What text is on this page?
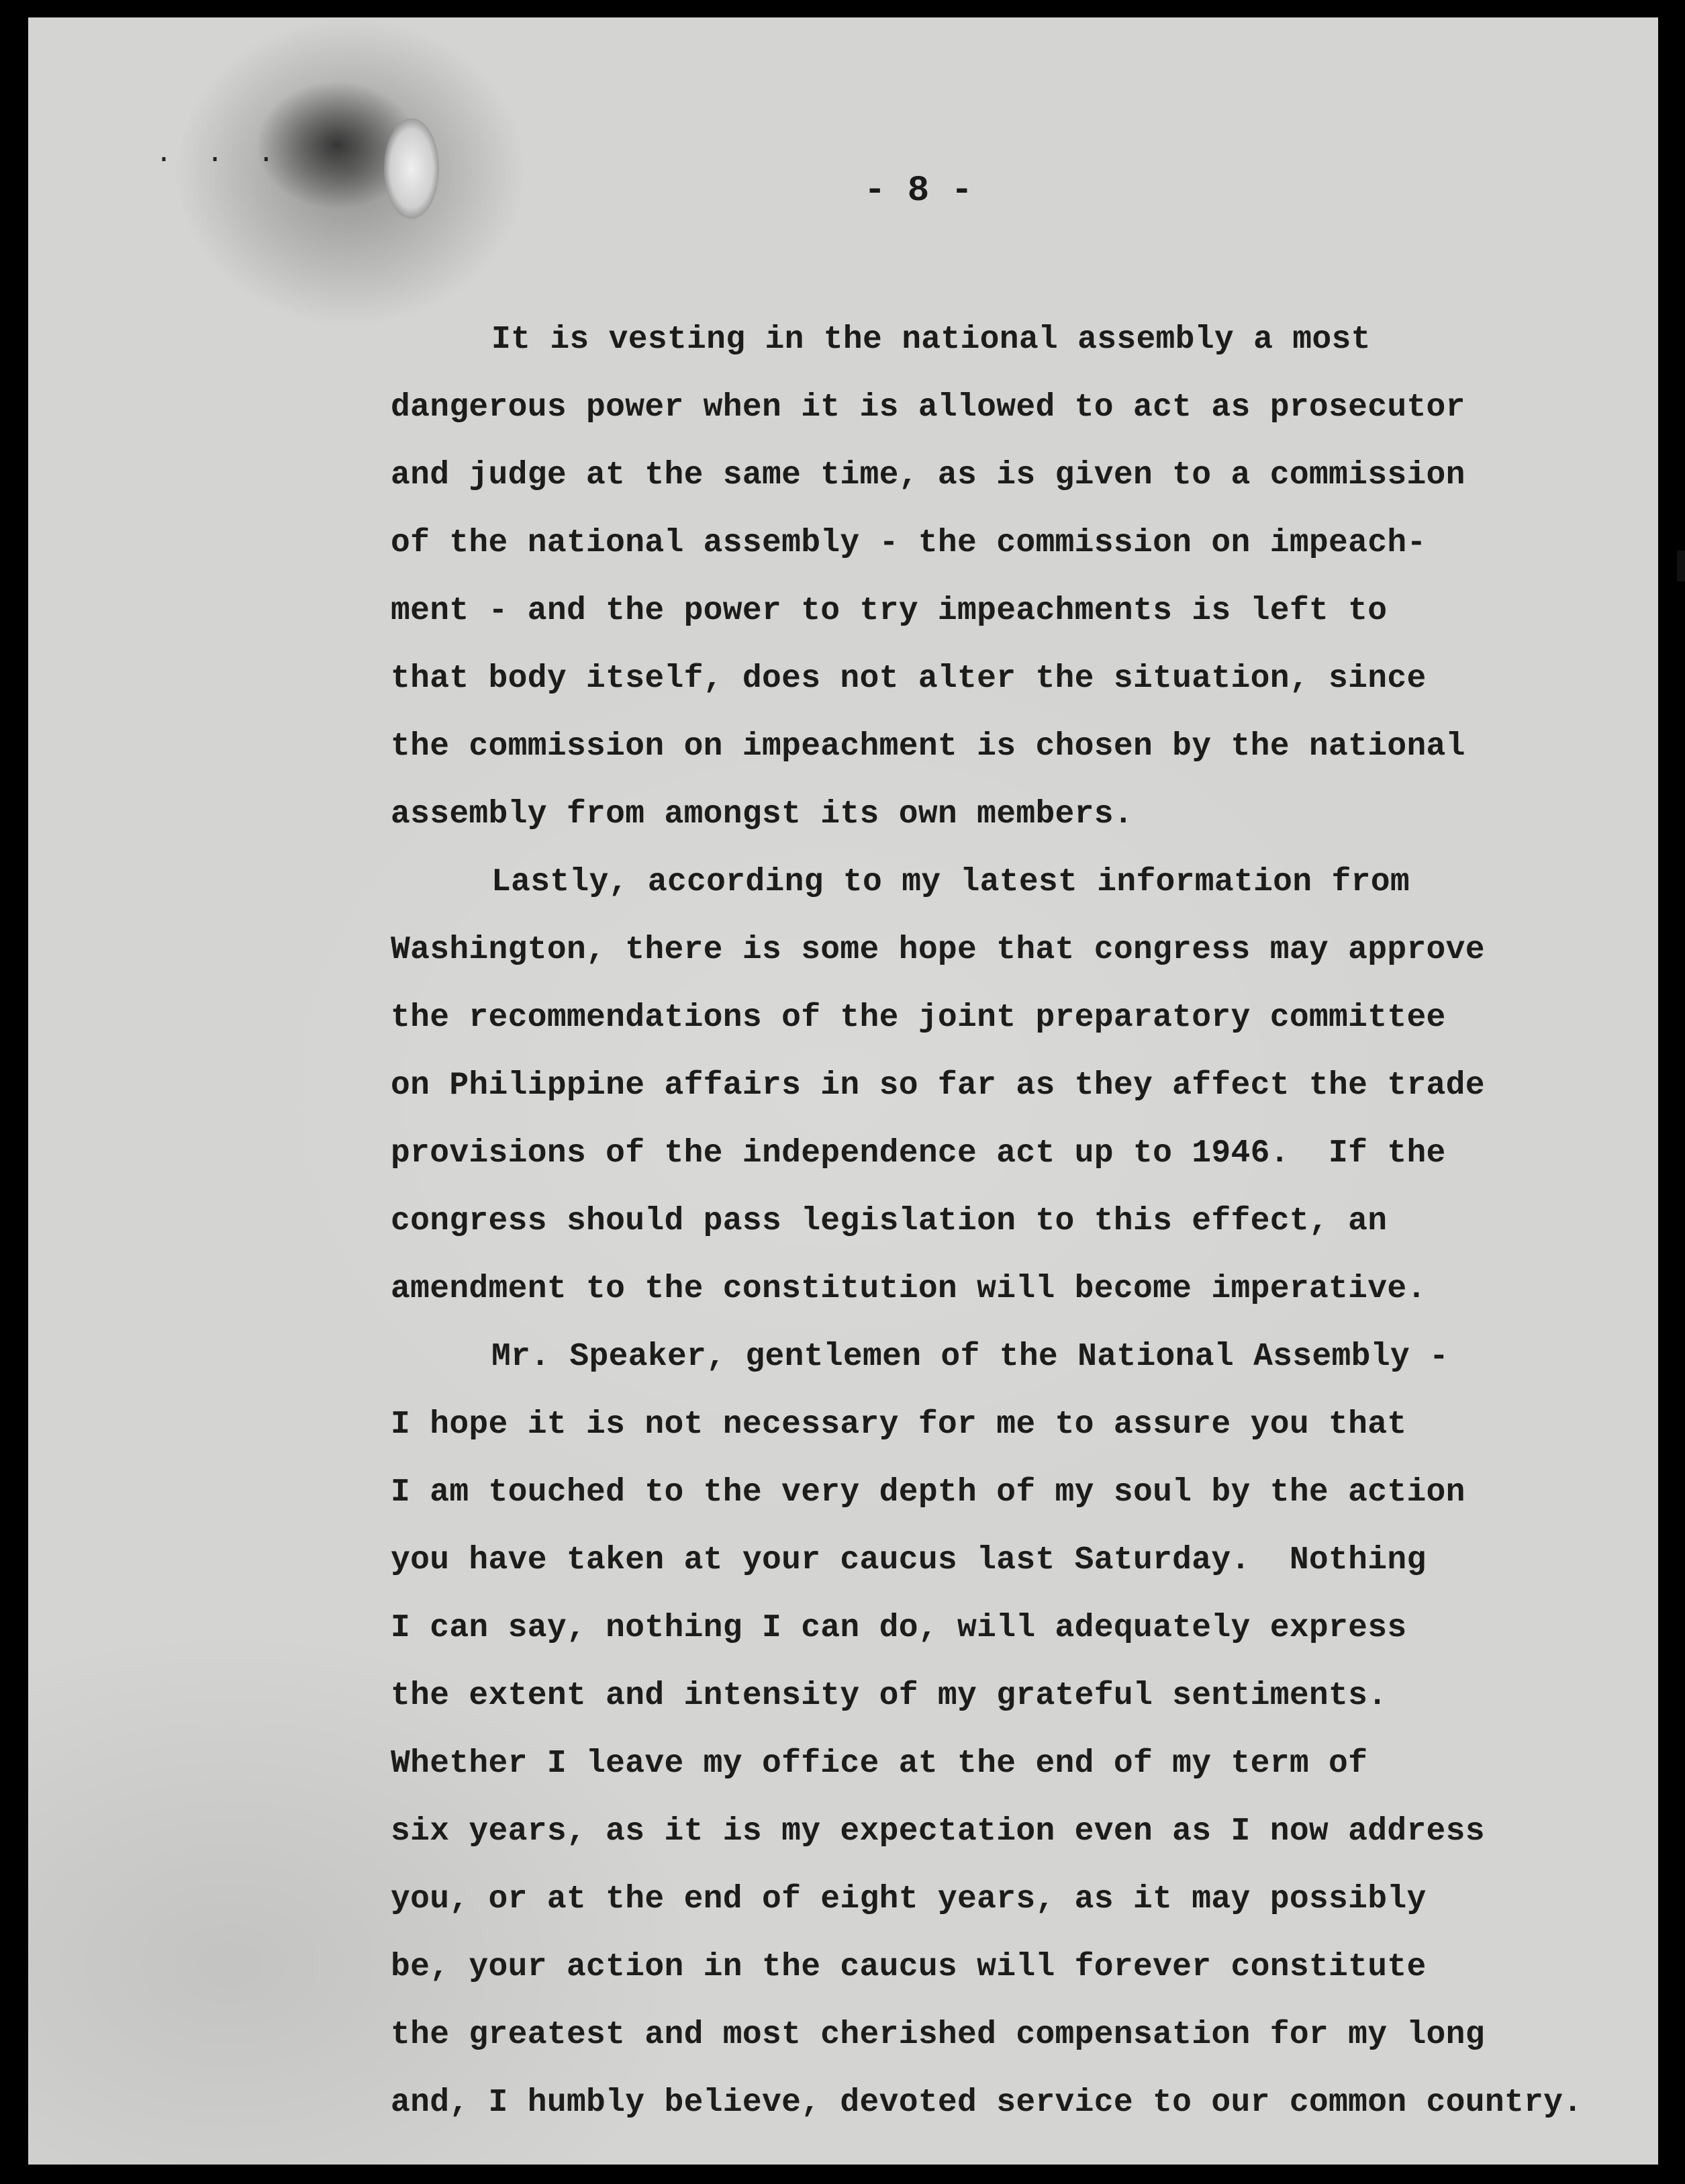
. . .
- 8 -
It is vesting in the national assembly a most
dangerous power when it is allowed to act as prosecutor
and judge at the same time, as is given to a commission
of the national assembly - the commission on impeach-
ment - and the power to try impeachments is left to
that body itself, does not alter the situation, since
the commission on impeachment is chosen by the national
assembly from amongst its own members.
Lastly, according to my latest information from
Washington, there is some hope that congress may approve
the recommendations of the joint preparatory committee
on Philippine affairs in so far as they affect the trade
provisions of the independence act up to 1946.  If the
congress should pass legislation to this effect, an
amendment to the constitution will become imperative.
Mr. Speaker, gentlemen of the National Assembly -
I hope it is not necessary for me to assure you that
I am touched to the very depth of my soul by the action
you have taken at your caucus last Saturday.  Nothing
I can say, nothing I can do, will adequately express
the extent and intensity of my grateful sentiments.
Whether I leave my office at the end of my term of
six years, as it is my expectation even as I now address
you, or at the end of eight years, as it may possibly
be, your action in the caucus will forever constitute
the greatest and most cherished compensation for my long
and, I humbly believe, devoted service to our common country.
